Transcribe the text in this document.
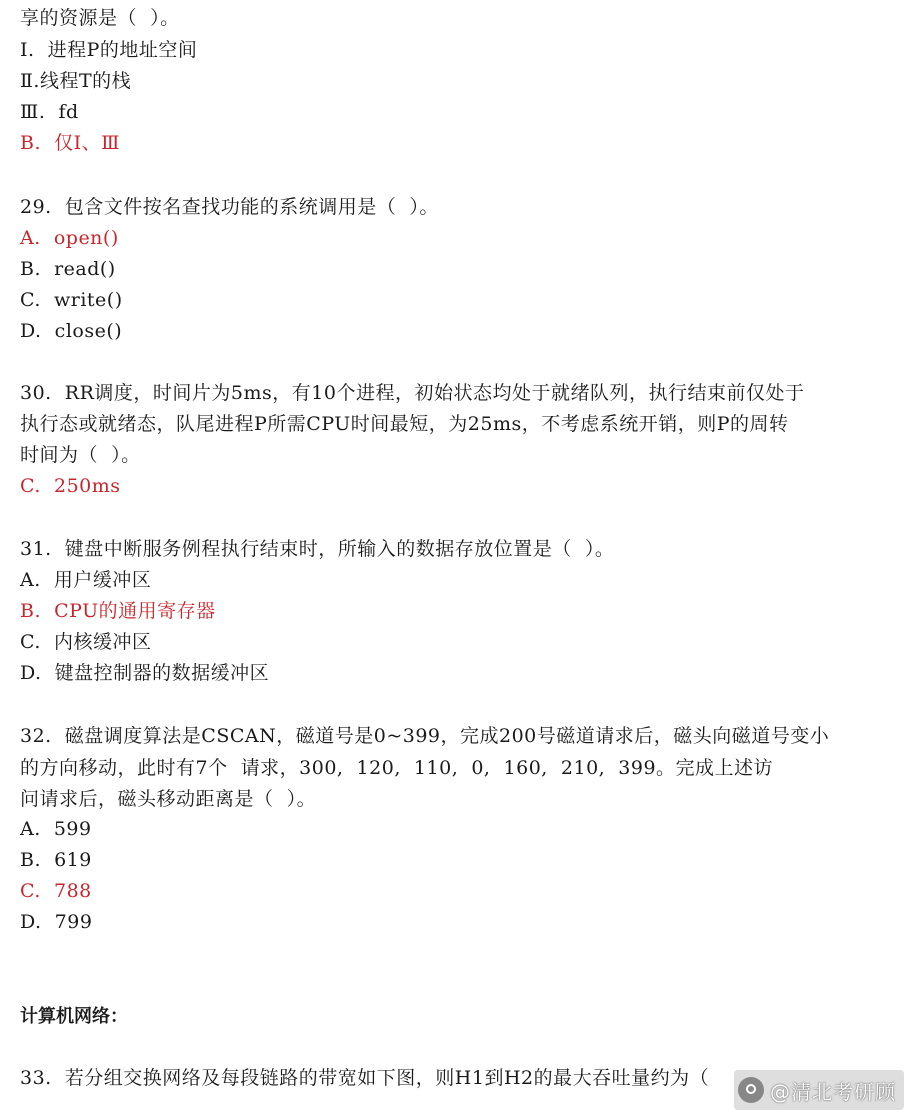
享的资源是（  ）。
Ⅰ.  进程P的地址空间
Ⅱ.线程T的栈
Ⅲ.  fd
B.  仅Ⅰ、Ⅲ
29.  包含文件按名查找功能的系统调用是（  ）。
A.  open()
B.  read()
C.  write()
D.  close()
30.  RR调度，时间片为5ms，有10个进程，初始状态均处于就绪队列，执行结束前仅处于
执行态或就绪态，队尾进程P所需CPU时间最短，为25ms，不考虑系统开销，则P的周转
时间为（  ）。
C.  250ms
31.  键盘中断服务例程执行结束时，所输入的数据存放位置是（  ）。
A.  用户缓冲区
B.  CPU的通用寄存器
C.  内核缓冲区
D.  键盘控制器的数据缓冲区
32.  磁盘调度算法是CSCAN，磁道号是0~399，完成200号磁道请求后，磁头向磁道号变小
的方向移动，此时有7个  请求，300,  120,  110,  0,  160,  210,  399。完成上述访
问请求后，磁头移动距离是（  ）。
A.  599
B.  619
C.  788
D.  799
计算机网络：
33.  若分组交换网络及每段链路的带宽如下图，则H1到H2的最大吞吐量约为（
@清北考研顾
